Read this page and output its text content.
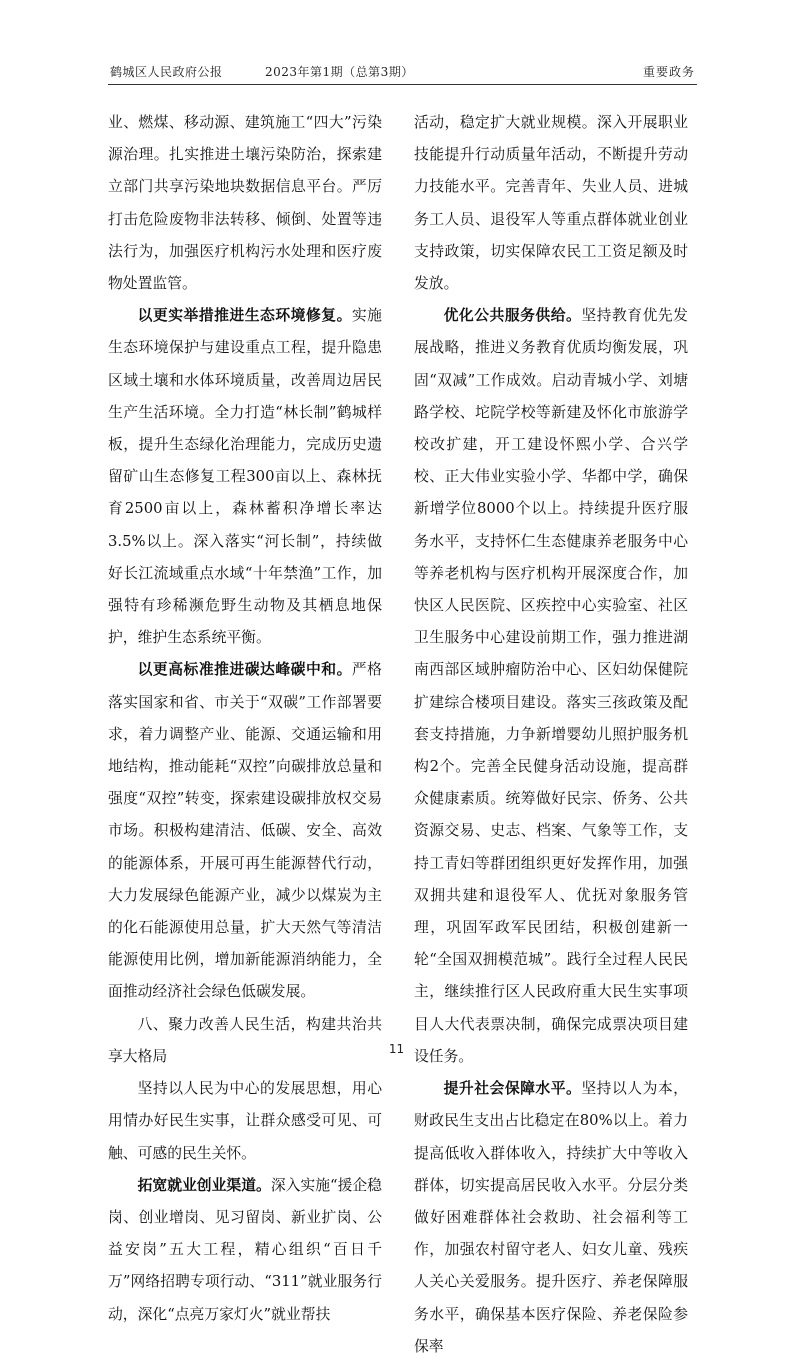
鹤城区人民政府公报	2023年第1期（总第3期）	重要政务

业、燃煤、移动源、建筑施工“四大”污染源治理。扎实推进土壤污染防治，探索建立部门共享污染地块数据信息平台。严厉打击危险废物非法转移、倾倒、处置等违法行为，加强医疗机构污水处理和医疗废物处置监管。

以更实举措推进生态环境修复。实施生态环境保护与建设重点工程，提升隐患区域土壤和水体环境质量，改善周边居民生产生活环境。全力打造“林长制”鹤城样板，提升生态绿化治理能力，完成历史遗留矿山生态修复工程300亩以上、森林抚育2500亩以上，森林蓄积净增长率达3.5%以上。深入落实“河长制”，持续做好长江流域重点水域“十年禁渔”工作，加强特有珍稀濒危野生动物及其栖息地保护，维护生态系统平衡。

以更高标准推进碳达峰碳中和。严格落实国家和省、市关于“双碳”工作部署要求，着力调整产业、能源、交通运输和用地结构，推动能耗“双控”向碳排放总量和强度“双控”转变，探索建设碳排放权交易市场。积极构建清洁、低碳、安全、高效的能源体系，开展可再生能源替代行动，大力发展绿色能源产业，减少以煤炭为主的化石能源使用总量，扩大天然气等清洁能源使用比例，增加新能源消纳能力，全面推动经济社会绿色低碳发展。

八、聚力改善人民生活，构建共治共享大格局

坚持以人民为中心的发展思想，用心用情办好民生实事，让群众感受可见、可触、可感的民生关怀。

拓宽就业创业渠道。深入实施“援企稳岗、创业增岗、见习留岗、新业扩岗、公益安岗”五大工程，精心组织“百日千万”网络招聘专项行动、“311”就业服务行动，深化“点亮万家灯火”就业帮扶

活动，稳定扩大就业规模。深入开展职业技能提升行动质量年活动，不断提升劳动力技能水平。完善青年、失业人员、进城务工人员、退役军人等重点群体就业创业支持政策，切实保障农民工工资足额及时发放。

优化公共服务供给。坚持教育优先发展战略，推进义务教育优质均衡发展，巩固“双减”工作成效。启动青城小学、刘塘路学校、坨院学校等新建及怀化市旅游学校改扩建，开工建设怀熙小学、合兴学校、正大伟业实验小学、华都中学，确保新增学位8000个以上。持续提升医疗服务水平，支持怀仁生态健康养老服务中心等养老机构与医疗机构开展深度合作，加快区人民医院、区疾控中心实验室、社区卫生服务中心建设前期工作，强力推进湖南西部区域肿瘤防治中心、区妇幼保健院扩建综合楼项目建设。落实三孩政策及配套支持措施，力争新增婴幼儿照护服务机构2个。完善全民健身活动设施，提高群众健康素质。统筹做好民宗、侨务、公共资源交易、史志、档案、气象等工作，支持工青妇等群团组织更好发挥作用，加强双拥共建和退役军人、优抚对象服务管理，巩固军政军民团结，积极创建新一轮“全国双拥模范城”。践行全过程人民民主，继续推行区人民政府重大民生实事项目人大代表票决制，确保完成票决项目建设任务。

提升社会保障水平。坚持以人为本，财政民生支出占比稳定在80%以上。着力提高低收入群体收入，持续扩大中等收入群体，切实提高居民收入水平。分层分类做好困难群体社会救助、社会福利等工作，加强农村留守老人、妇女儿童、残疾人关心关爱服务。提升医疗、养老保障服务水平，确保基本医疗保险、养老保险参保率

11
